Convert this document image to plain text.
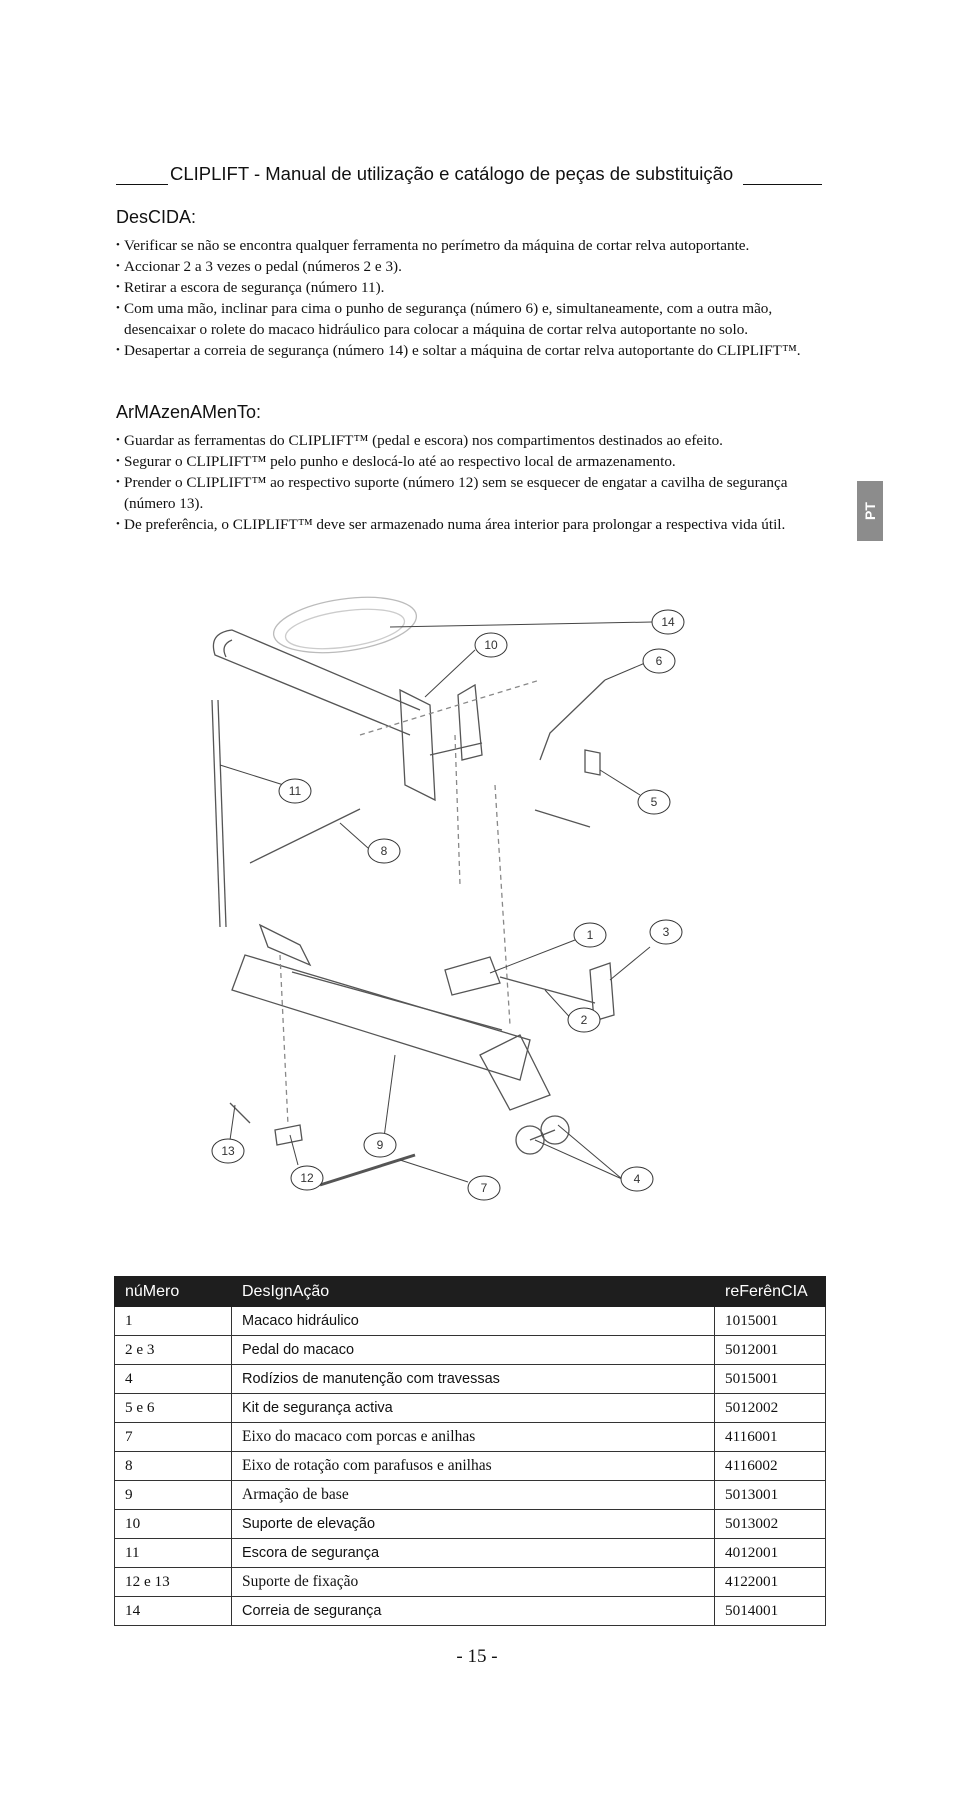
CLIPLIFT - Manual de utilização e catálogo de peças de substituição
DesCIDA:
• Verificar se não se encontra qualquer ferramenta no perímetro da máquina de cortar relva autoportante.
• Accionar 2 a 3 vezes o pedal (números 2 e 3).
• Retirar a escora de segurança (número 11).
• Com uma mão, inclinar para cima o punho de segurança (número 6) e, simultaneamente, com a outra mão, desencaixar o rolete do macaco hidráulico para colocar a máquina de cortar relva autoportante no solo.
• Desapertar a correia de segurança (número 14) e soltar a máquina de cortar relva autoportante do CLIPLIFT™.
ArMAzenAMenTo:
• Guardar as ferramentas do CLIPLIFT™ (pedal e escora) nos compartimentos destinados ao efeito.
• Segurar o CLIPLIFT™ pelo punho e deslocá-lo até ao respectivo local de armazenamento.
• Prender o CLIPLIFT™ ao respectivo suporte (número 12) sem se esquecer de engatar a cavilha de segurança (número 13).
• De preferência, o CLIPLIFT™ deve ser armazenado numa área interior para prolongar a respectiva vida útil.
PT
14
10
6
5
11
8
1	3
2
13
12
9
7
4
núMero	DesIgnAção	reFerênCIA
1	Macaco hidráulico	1015001
2 e 3	Pedal do macaco	5012001
4	Rodízios de manutenção com travessas	5015001
5 e 6	Kit de segurança activa	5012002
7	Eixo do macaco com porcas e anilhas	4116001
8	Eixo de rotação com parafusos e anilhas	4116002
9	Armação de base	5013001
10	Suporte de elevação	5013002
11	Escora de segurança	4012001
12 e 13	Suporte de fixação	4122001
14	Correia de segurança	5014001
- 15 -
